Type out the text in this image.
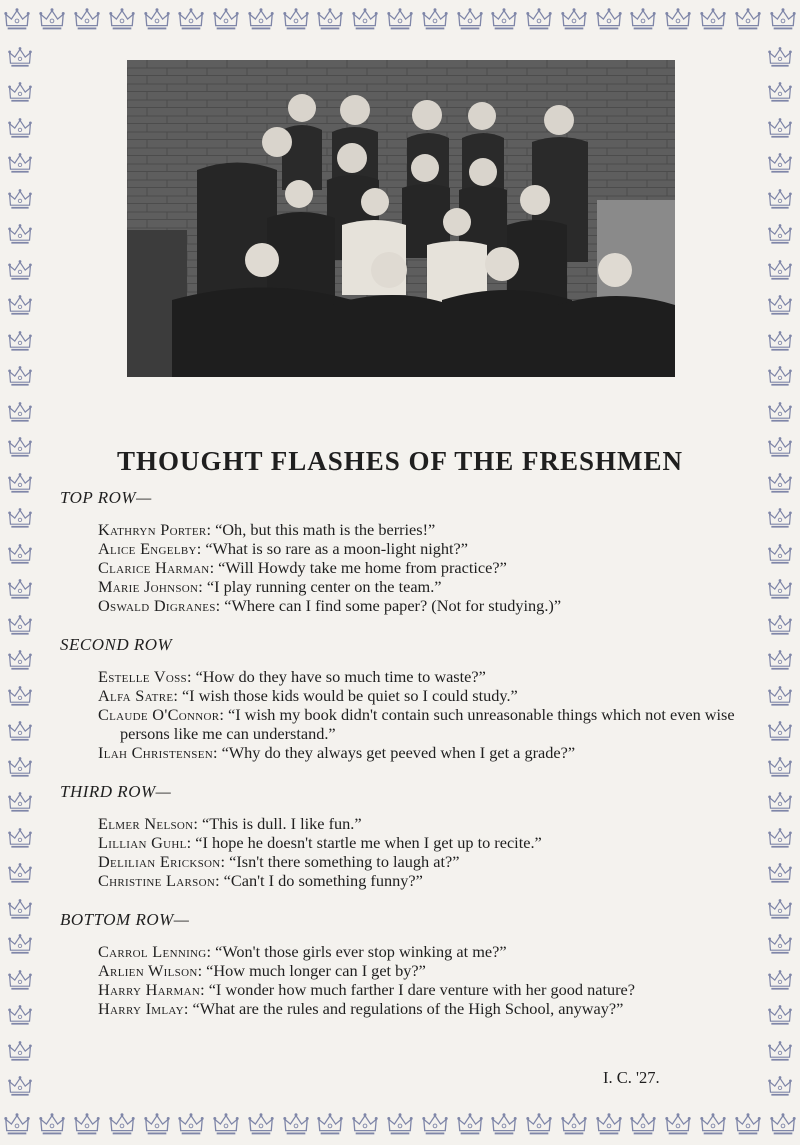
THOUGHT FLASHES OF THE FRESHMEN
TOP ROW—
Kathryn Porter: “Oh, but this math is the berries!”
Alice Engelby: “What is so rare as a moon-light night?”
Clarice Harman: “Will Howdy take me home from practice?”
Marie Johnson: “I play running center on the team.”
Oswald Digranes: “Where can I find some paper? (Not for studying.)”
SECOND ROW
Estelle Voss: “How do they have so much time to waste?”
Alfa Satre: “I wish those kids would be quiet so I could study.”
Claude O'Connor: “I wish my book didn't contain such unreasonable things which not even wise persons like me can understand.”
Ilah Christensen: “Why do they always get peeved when I get a grade?”
THIRD ROW—
Elmer Nelson: “This is dull. I like fun.”
Lillian Guhl: “I hope he doesn't startle me when I get up to recite.”
Delilian Erickson: “Isn't there something to laugh at?”
Christine Larson: “Can't I do something funny?”
BOTTOM ROW—
Carrol Lenning: “Won't those girls ever stop winking at me?”
Arlien Wilson: “How much longer can I get by?”
Harry Harman: “I wonder how much farther I dare venture with her good nature?
Harry Imlay: “What are the rules and regulations of the High School, anyway?”
I. C. '27.
